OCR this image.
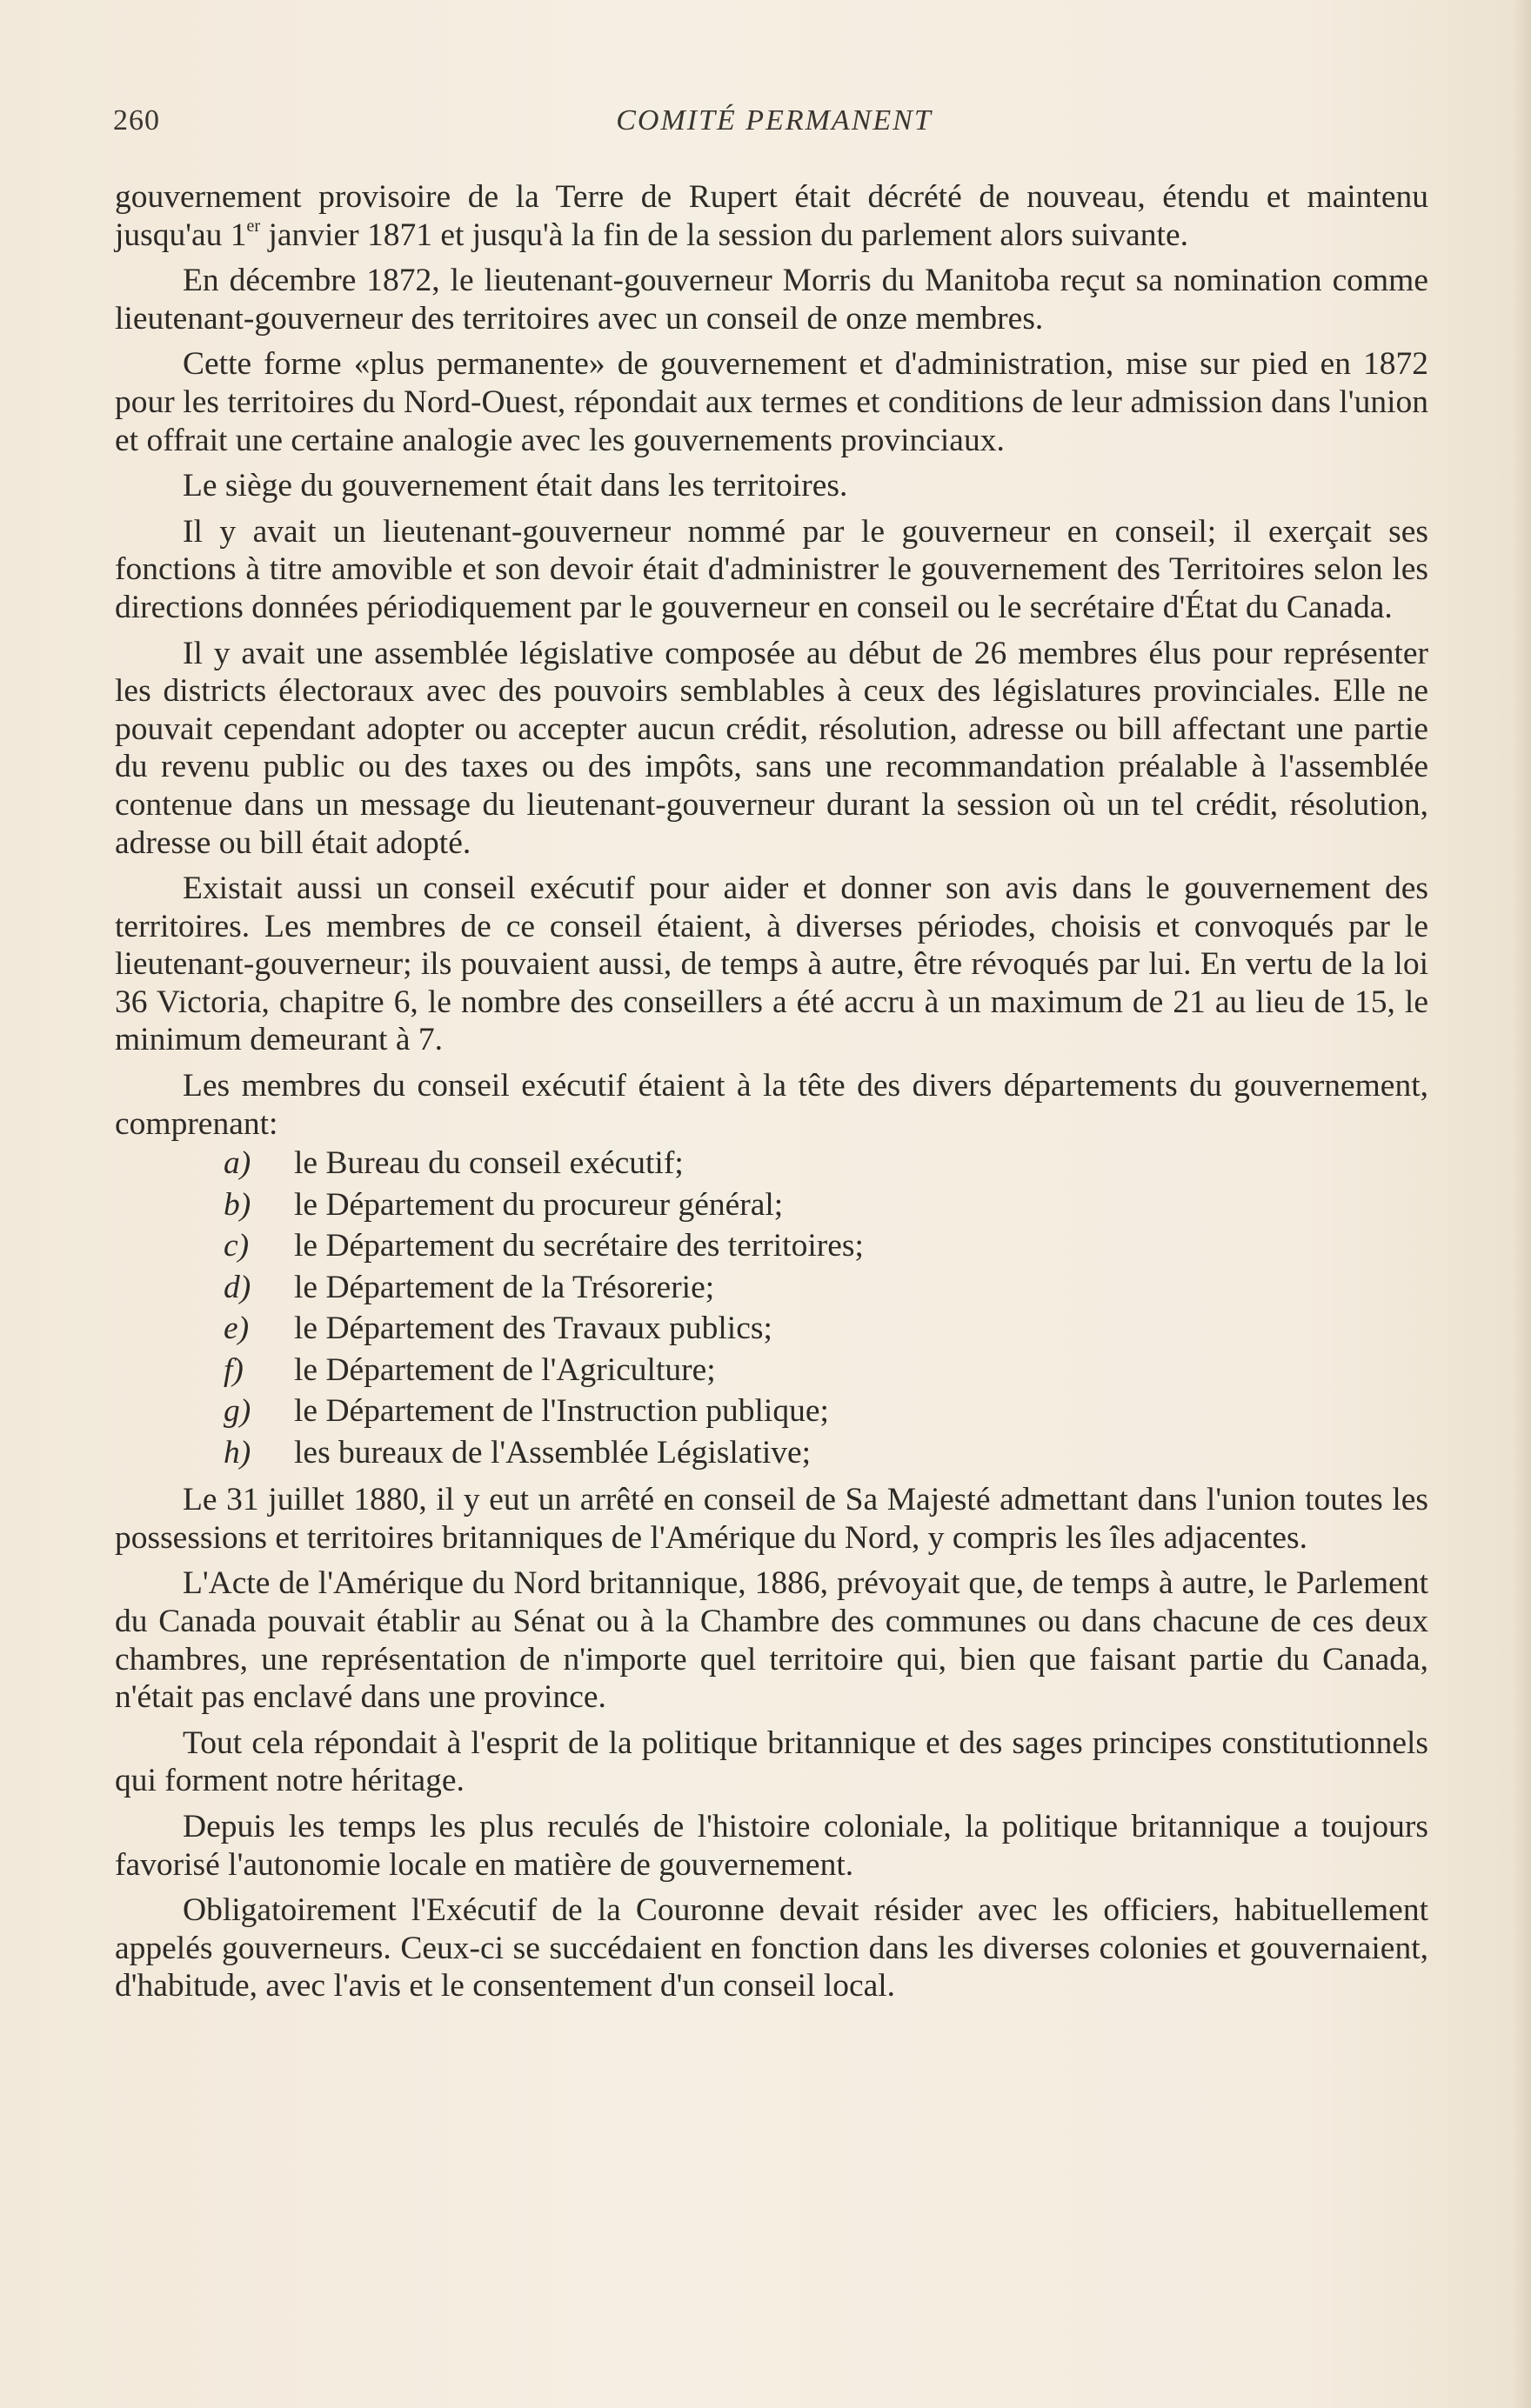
260	COMITÉ PERMANENT

gouvernement provisoire de la Terre de Rupert était décrété de nouveau, étendu et maintenu jusqu'au 1er janvier 1871 et jusqu'à la fin de la session du parlement alors suivante.

En décembre 1872, le lieutenant-gouverneur Morris du Manitoba reçut sa nomination comme lieutenant-gouverneur des territoires avec un conseil de onze membres.

Cette forme «plus permanente» de gouvernement et d'administration, mise sur pied en 1872 pour les territoires du Nord-Ouest, répondait aux termes et conditions de leur admission dans l'union et offrait une certaine analogie avec les gouvernements provinciaux.

Le siège du gouvernement était dans les territoires.

Il y avait un lieutenant-gouverneur nommé par le gouverneur en conseil; il exerçait ses fonctions à titre amovible et son devoir était d'administrer le gouvernement des Territoires selon les directions données périodiquement par le gouverneur en conseil ou le secrétaire d'État du Canada.

Il y avait une assemblée législative composée au début de 26 membres élus pour représenter les districts électoraux avec des pouvoirs semblables à ceux des législatures provinciales. Elle ne pouvait cependant adopter ou accepter aucun crédit, résolution, adresse ou bill affectant une partie du revenu public ou des taxes ou des impôts, sans une recommandation préalable à l'assemblée contenue dans un message du lieutenant-gouverneur durant la session où un tel crédit, résolution, adresse ou bill était adopté.

Existait aussi un conseil exécutif pour aider et donner son avis dans le gouvernement des territoires. Les membres de ce conseil étaient, à diverses périodes, choisis et convoqués par le lieutenant-gouverneur; ils pouvaient aussi, de temps à autre, être révoqués par lui. En vertu de la loi 36 Victoria, chapitre 6, le nombre des conseillers a été accru à un maximum de 21 au lieu de 15, le minimum demeurant à 7.

Les membres du conseil exécutif étaient à la tête des divers départements du gouvernement, comprenant:

a) le Bureau du conseil exécutif;
b) le Département du procureur général;
c) le Département du secrétaire des territoires;
d) le Département de la Trésorerie;
e) le Département des Travaux publics;
f) le Département de l'Agriculture;
g) le Département de l'Instruction publique;
h) les bureaux de l'Assemblée Législative;

Le 31 juillet 1880, il y eut un arrêté en conseil de Sa Majesté admettant dans l'union toutes les possessions et territoires britanniques de l'Amérique du Nord, y compris les îles adjacentes.

L'Acte de l'Amérique du Nord britannique, 1886, prévoyait que, de temps à autre, le Parlement du Canada pouvait établir au Sénat ou à la Chambre des communes ou dans chacune de ces deux chambres, une représentation de n'importe quel territoire qui, bien que faisant partie du Canada, n'était pas enclavé dans une province.

Tout cela répondait à l'esprit de la politique britannique et des sages principes constitutionnels qui forment notre héritage.

Depuis les temps les plus reculés de l'histoire coloniale, la politique britannique a toujours favorisé l'autonomie locale en matière de gouvernement.

Obligatoirement l'Exécutif de la Couronne devait résider avec les officiers, habituellement appelés gouverneurs. Ceux-ci se succédaient en fonction dans les diverses colonies et gouvernaient, d'habitude, avec l'avis et le consentement d'un conseil local.
